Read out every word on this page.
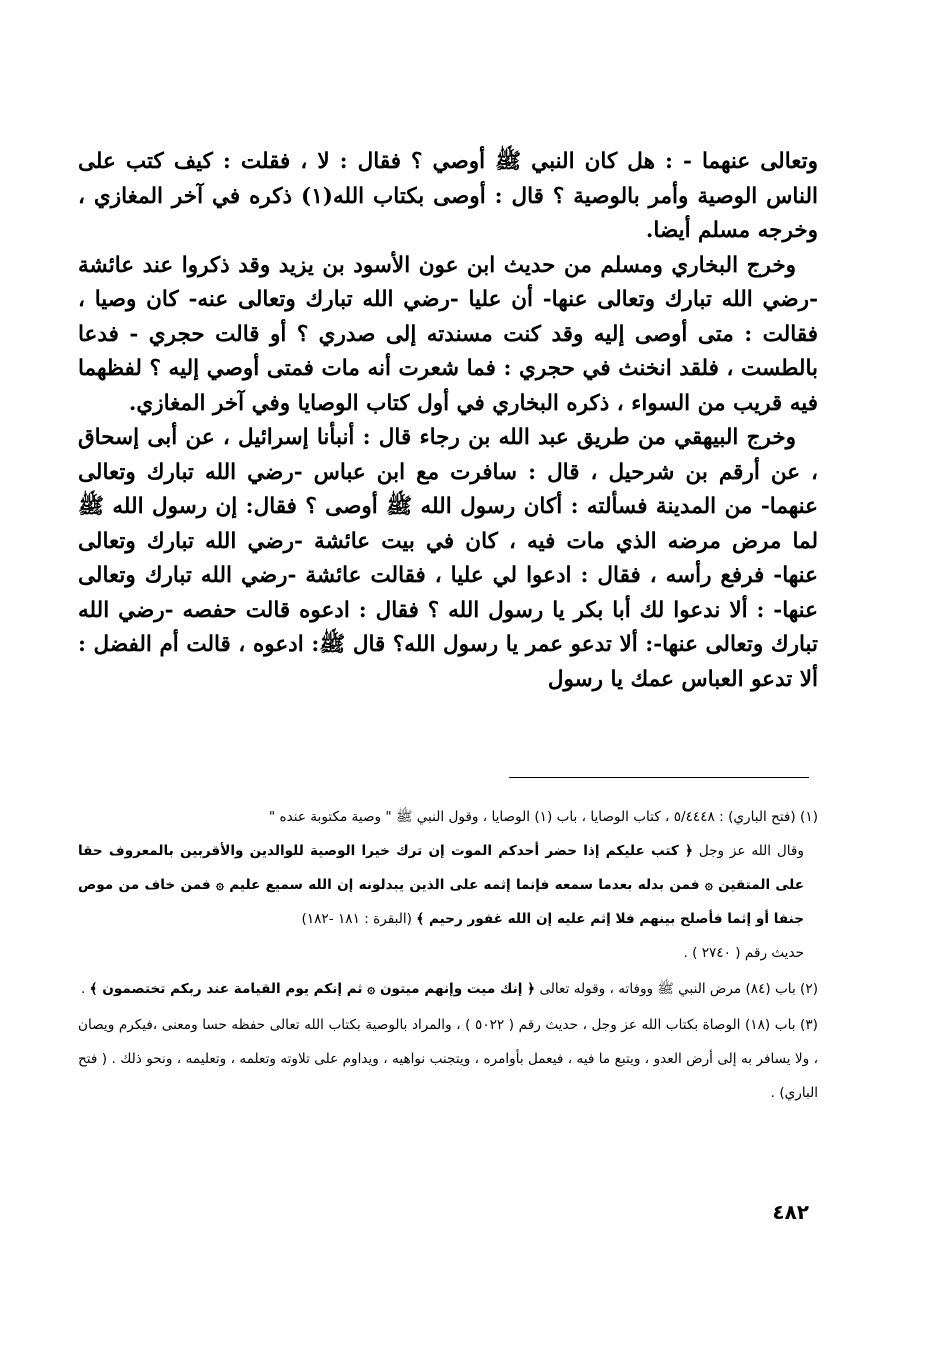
وتعالى عنهما - : هل كان النبي ﷺ أوصي ؟ فقال : لا ، فقلت : كيف كتب على الناس الوصية وأمر بالوصية ؟ قال : أوصى بكتاب الله(١) ذكره في آخر المغازي ، وخرجه مسلم أيضا.

وخرج البخاري ومسلم من حديث ابن عون الأسود بن يزيد وقد ذكروا عند عائشة -رضي الله تبارك وتعالى عنها- أن عليا -رضي الله تبارك وتعالى عنه- كان وصيا ، فقالت : متى أوصى إليه وقد كنت مسندته إلى صدري ؟ أو قالت حجري - فدعا بالطست ، فلقد انخنث في حجري : فما شعرت أنه مات فمتى أوصي إليه ؟ لفظهما فيه قريب من السواء ، ذكره البخاري في أول كتاب الوصايا وفي آخر المغازي.

وخرج البيهقي من طريق عبد الله بن رجاء قال : أنبأنا إسرائيل ، عن أبى إسحاق ، عن أرقم بن شرحيل ، قال : سافرت مع ابن عباس -رضي الله تبارك وتعالى عنهما- من المدينة فسألته : أكان رسول الله ﷺ أوصى ؟ فقال: إن رسول الله ﷺ لما مرض مرضه الذي مات فيه ، كان في بيت عائشة -رضي الله تبارك وتعالى عنها- فرفع رأسه ، فقال : ادعوا لي عليا ، فقالت عائشة -رضي الله تبارك وتعالى عنها- : ألا ندعوا لك أبا بكر يا رسول الله ؟ فقال : ادعوه قالت حفصه -رضي الله تبارك وتعالى عنها-: ألا تدعو عمر يا رسول الله؟ قال ﷺ: ادعوه ، قالت أم الفضل : ألا تدعو العباس عمك يا رسول

(١) (فتح الباري) : ٥/٤٤٤٨ ، كتاب الوصايا ، باب (١) الوصايا ، وقول النبي ﷺ " وصية مكتوبة عنده "
وقال الله عز وجل ﴿ كتب عليكم إذا حضر أحدكم الموت إن ترك خيرا الوصية للوالدين والأقربين بالمعروف حقا على المتقين ۞ فمن بدله بعدما سمعه فإنما إثمه على الذين يبدلونه إن الله سميع عليم ۞ فمن خاف من موص جنفا أو إثما فأصلح بينهم فلا إثم عليه إن الله غفور رحيم ﴾ (البقرة : ١٨١ -١٨٢)
حديث رقم ( ٢٧٤٠ ) .
(٢) باب (٨٤) مرض النبي ﷺ ووفاته ، وقوله تعالى ﴿ إنك ميت وإنهم ميتون ۞ ثم إنكم يوم القيامة عند ربكم تختصمون ﴾ .
(٣) باب (١٨) الوصاة بكتاب الله عز وجل ، حديث رقم ( ٥٠٢٢ ) ، والمراد بالوصية بكتاب الله تعالى حفظه حسا ومعنى ،فيكرم ويصان ، ولا يسافر به إلى أرض العدو ، ويتبع ما فيه ، فيعمل بأوامره ، ويتجنب نواهيه ، ويداوم على تلاوته وتعلمه ، وتعليمه ، ونحو ذلك . ( فتح الباري) .
٤٨٢
